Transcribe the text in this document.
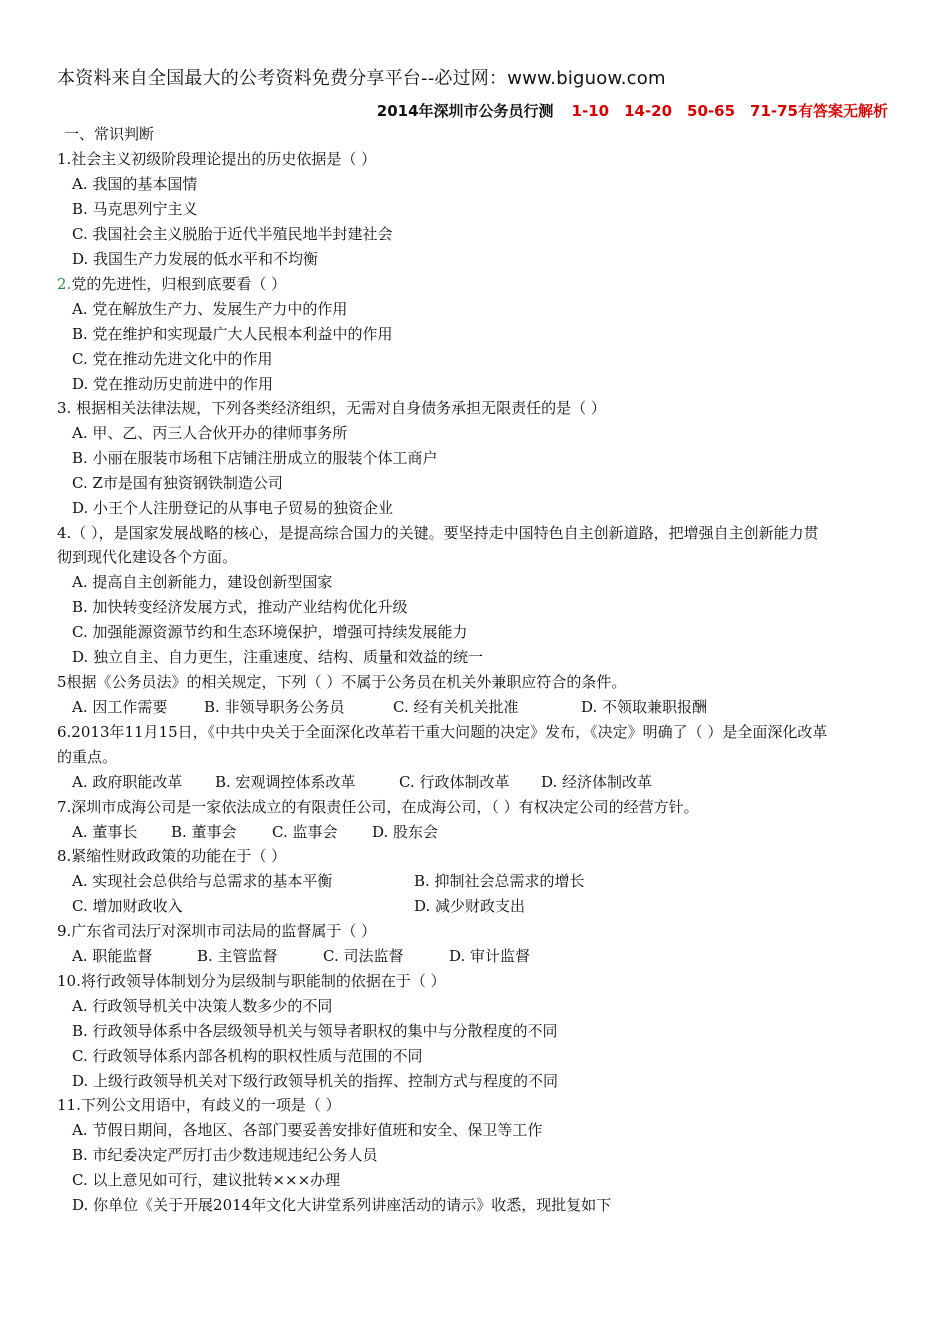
本资料来自全国最大的公考资料免费分享平台--必过网：www.biguow.com
2014年深圳市公务员行测 1-10　14-20　50-65　71-75有答案无解析
一、常识判断
1.社会主义初级阶段理论提出的历史依据是（ ）
A. 我国的基本国情
B. 马克思列宁主义
C. 我国社会主义脱胎于近代半殖民地半封建社会
D. 我国生产力发展的低水平和不均衡
2.党的先进性，归根到底要看（ ）
A. 党在解放生产力、发展生产力中的作用
B. 党在维护和实现最广大人民根本利益中的作用
C. 党在推动先进文化中的作用
D. 党在推动历史前进中的作用
3. 根据相关法律法规，下列各类经济组织，无需对自身债务承担无限责任的是（ ）
A. 甲、乙、丙三人合伙开办的律师事务所
B. 小丽在服装市场租下店铺注册成立的服装个体工商户
C. Z市是国有独资钢铁制造公司
D. 小王个人注册登记的从事电子贸易的独资企业
4.（ ），是国家发展战略的核心，是提高综合国力的关键。要坚持走中国特色自主创新道路，把增强自主创新能力贯
彻到现代化建设各个方面。
A. 提高自主创新能力，建设创新型国家
B. 加快转变经济发展方式，推动产业结构优化升级
C. 加强能源资源节约和生态环境保护，增强可持续发展能力
D. 独立自主、自力更生，注重速度、结构、质量和效益的统一
5根据《公务员法》的相关规定，下列（ ）不属于公务员在机关外兼职应符合的条件。
A. 因工作需要 B. 非领导职务公务员	C. 经有关机关批准	D. 不领取兼职报酬
6.2013年11月15日，《中共中央关于全面深化改革若干重大问题的决定》发布，《决定》明确了（ ）是全面深化改革
的重点。
A. 政府职能改革 B. 宏观调控体系改革	C. 行政体制改革 D. 经济体制改革
7.深圳市成海公司是一家依法成立的有限责任公司，在成海公司，（ ）有权决定公司的经营方针。
A. 董事长 B. 董事会 C. 监事会 D. 股东会
8.紧缩性财政政策的功能在于（ ）
A. 实现社会总供给与总需求的基本平衡	B. 抑制社会总需求的增长
C. 增加财政收入	D. 减少财政支出
9.广东省司法厅对深圳市司法局的监督属于（ ）
A. 职能监督	B. 主管监督	C. 司法监督	D. 审计监督
10.将行政领导体制划分为层级制与职能制的依据在于（ ）
A. 行政领导机关中决策人数多少的不同
B. 行政领导体系中各层级领导机关与领导者职权的集中与分散程度的不同
C. 行政领导体系内部各机构的职权性质与范围的不同
D. 上级行政领导机关对下级行政领导机关的指挥、控制方式与程度的不同
11.下列公文用语中，有歧义的一项是（ ）
A. 节假日期间，各地区、各部门要妥善安排好值班和安全、保卫等工作
B. 市纪委决定严厉打击少数违规违纪公务人员
C. 以上意见如可行，建议批转×××办理
D. 你单位《关于开展2014年文化大讲堂系列讲座活动的请示》收悉，现批复如下
